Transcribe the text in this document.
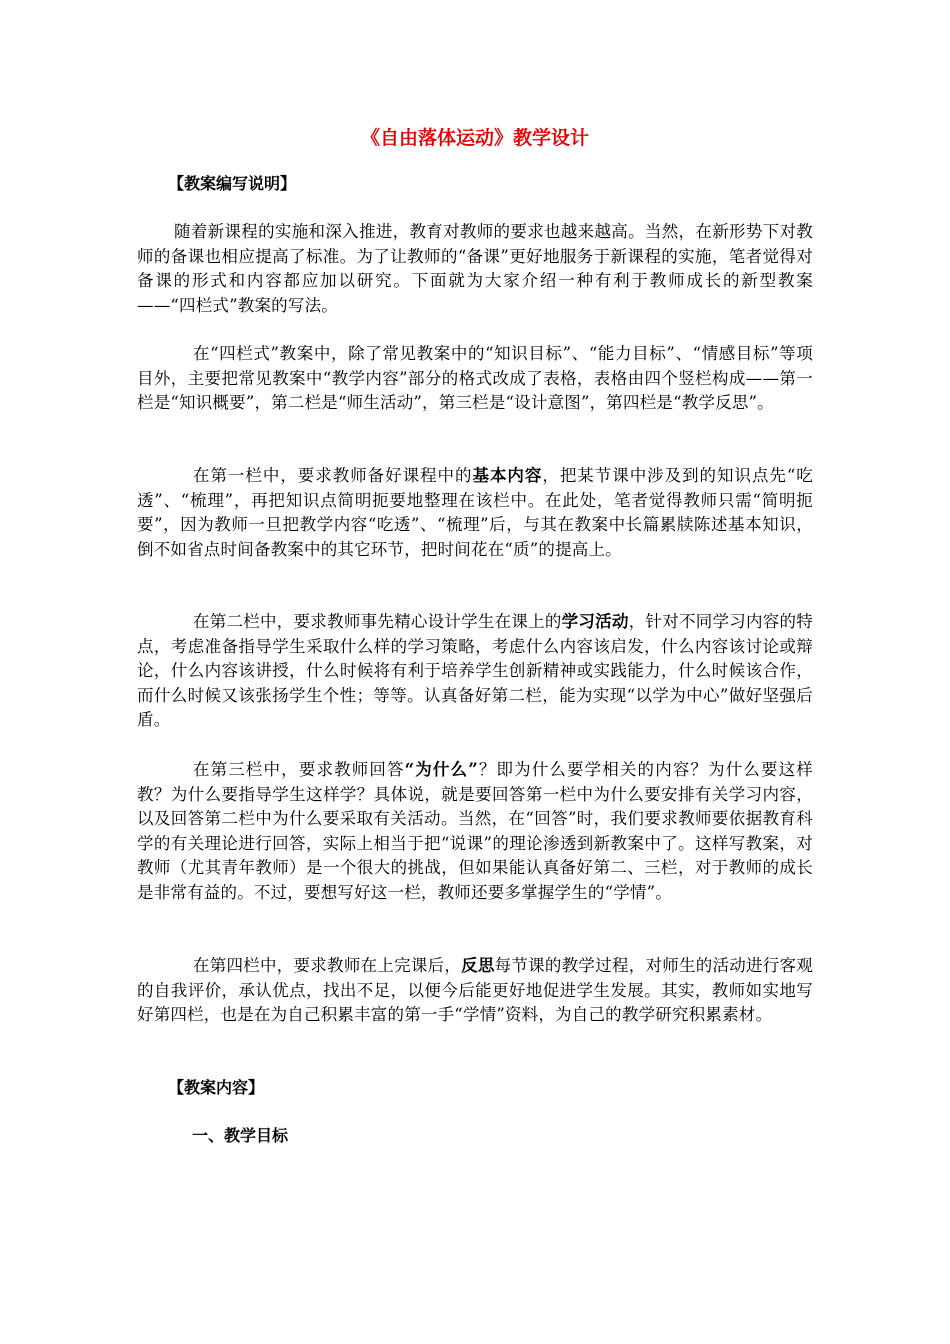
《自由落体运动》教学设计
【教案编写说明】

随着新课程的实施和深入推进，教育对教师的要求也越来越高。当然，在新形势下对教师的备课也相应提高了标准。为了让教师的“备课”更好地服务于新课程的实施，笔者觉得对备课的形式和内容都应加以研究。下面就为大家介绍一种有利于教师成长的新型教案——“四栏式”教案的写法。

在“四栏式”教案中，除了常见教案中的“知识目标”、“能力目标”、“情感目标”等项目外，主要把常见教案中“教学内容”部分的格式改成了表格，表格由四个竖栏构成——第一栏是“知识概要”，第二栏是“师生活动”，第三栏是“设计意图”，第四栏是“教学反思”。

在第一栏中，要求教师备好课程中的基本内容，把某节课中涉及到的知识点先“吃透”、“梳理”，再把知识点简明扼要地整理在该栏中。在此处，笔者觉得教师只需“简明扼要”，因为教师一旦把教学内容“吃透”、“梳理”后，与其在教案中长篇累牍陈述基本知识，倒不如省点时间备教案中的其它环节，把时间花在“质”的提高上。

在第二栏中，要求教师事先精心设计学生在课上的学习活动，针对不同学习内容的特点，考虑准备指导学生采取什么样的学习策略，考虑什么内容该启发，什么内容该讨论或辩论，什么内容该讲授，什么时候将有利于培养学生创新精神或实践能力，什么时候该合作，而什么时候又该张扬学生个性；等等。认真备好第二栏，能为实现“以学为中心”做好坚强后盾。

在第三栏中，要求教师回答“为什么”？即为什么要学相关的内容？为什么要这样教？为什么要指导学生这样学？具体说，就是要回答第一栏中为什么要安排有关学习内容，以及回答第二栏中为什么要采取有关活动。当然，在“回答”时，我们要求教师要依据教育科学的有关理论进行回答，实际上相当于把“说课”的理论渗透到新教案中了。这样写教案，对教师（尤其青年教师）是一个很大的挑战，但如果能认真备好第二、三栏，对于教师的成长是非常有益的。不过，要想写好这一栏，教师还要多掌握学生的“学情”。

在第四栏中，要求教师在上完课后，反思每节课的教学过程，对师生的活动进行客观的自我评价，承认优点，找出不足，以便今后能更好地促进学生发展。其实，教师如实地写好第四栏，也是在为自己积累丰富的第一手“学情”资料，为自己的教学研究积累素材。

【教案内容】
一、教学目标
